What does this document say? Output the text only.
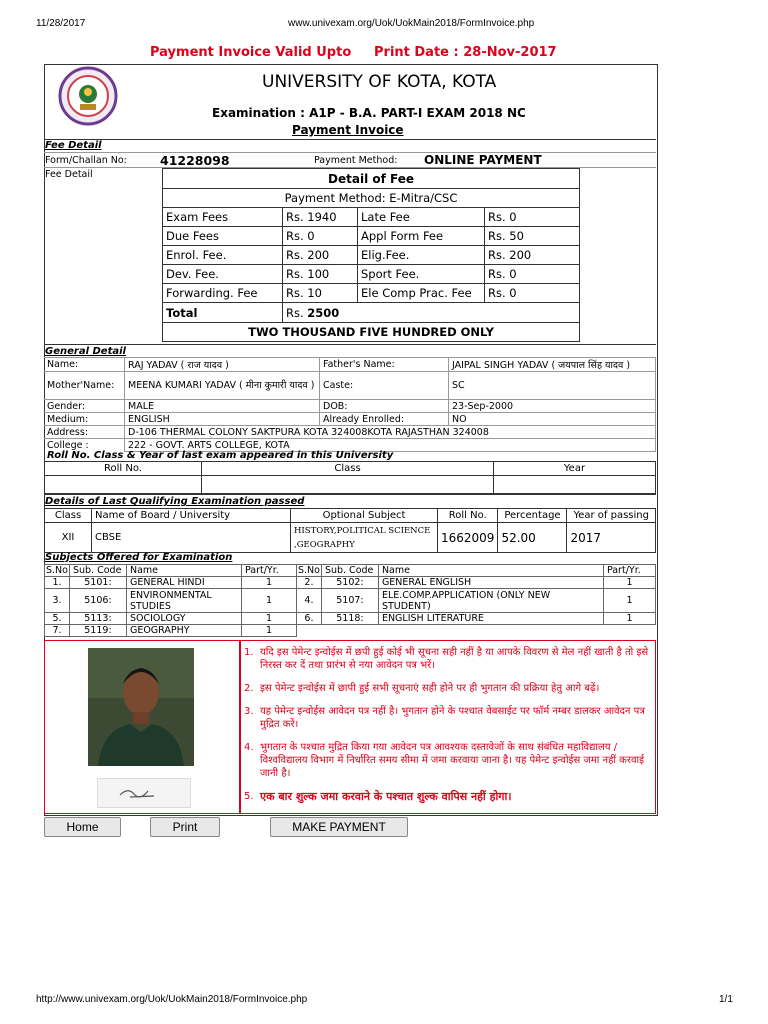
11/28/2017	www.univexam.org/Uok/UokMain2018/FormInvoice.php
Payment Invoice Valid Upto Print Date : 28-Nov-2017
UNIVERSITY OF KOTA, KOTA
Examination : A1P - B.A. PART-I EXAM 2018 NC
Payment Invoice
Fee Detail
Form/Challan No:	41228098	Payment Method: ONLINE PAYMENT
Fee Detail	Detail of Fee			
Payment Method: E-Mitra/CSC			
Exam Fees	Rs. 1940	Late Fee	Rs. 0
Due Fees	Rs. 0	Appl Form Fee	Rs. 50
Enrol. Fee.	Rs. 200	Elig.Fee.	Rs. 200
Dev. Fee.	Rs. 100	Sport Fee.	Rs. 0
Forwarding. Fee	Rs. 10	Ele Comp Prac. Fee	Rs. 0
Total	Rs. 2500		
TWO THOUSAND FIVE HUNDRED ONLY			
General Detail
Name:	RAJ YADAV ( राज यादव )	Father's Name:	JAIPAL SINGH YADAV ( जयपाल सिंह यादव )
Mother'Name:	MEENA KUMARI YADAV ( मीना कुमारी यादव )	Caste:	SC
Gender:	MALE	DOB:	23-Sep-2000
Medium:	ENGLISH	Already Enrolled:	NO
Address:	D-106 THERMAL COLONY SAKTPURA KOTA 324008KOTA RAJASTHAN 324008		
College :	222 - GOVT. ARTS COLLEGE, KOTA		
Roll No. Class & Year of last exam appeared in this University
Roll No.	Class	Year

Details of Last Qualifying Examination passed
Class	Name of Board / University	Optional Subject	Roll No.	Percentage	Year of passing
XII	CBSE	HISTORY,POLITICAL SCIENCE ,GEOGRAPHY	1662009	52.00	2017
Subjects Offered for Examination
S.No	Sub. Code	Name	Part/Yr.	S.No	Sub. Code	Name	Part/Yr.
1.	5101:	GENERAL HINDI	1	2.	5102:	GENERAL ENGLISH	1
3.	5106:	ENVIRONMENTAL STUDIES	1	4.	5107:	ELE.COMP.APPLICATION (ONLY NEW STUDENT)	1
5.	5113:	SOCIOLOGY	1	6.	5118:	ENGLISH LITERATURE	1
7.	5119:	GEOGRAPHY	1				
1. यदि इस पेमेन्ट इन्वोईस में छपी हुई कोई भी सूचना सही नहीं है या आपके विवरण से मेल नहीं खाती है तो इसे निरस्त कर दें तथा प्रारंभ से नया आवेदन पत्र भरें।
2. इस पेमेन्ट इन्वोईस में छापी हुई सभी सूचनाएं सही होने पर ही भुगतान की प्रक्रिया हेतु आगे बढ़ें।
3. यह पेमेन्ट इन्वोईस आवेदन पत्र नहीं है। भुगतान होने के पश्चात वेबसाईट पर फॉर्म नम्बर डालकर आवेदन पत्र मुद्रित करें।
4. भुगतान के पश्चात मुद्रित किया गया आवेदन पत्र आवश्यक दस्तावेजों के साथ संबंधित महाविद्यालय / विश्वविद्यालय विभाग में निर्धारित समय सीमा में जमा करवाया जाना है। यह पेमेन्ट इन्वोईस जमा नहीं करवाई जानी है।
5. एक बार शुल्क जमा करवाने के पश्चात शुल्क वापिस नहीं होगा।
Home	Print	MAKE PAYMENT
http://www.univexam.org/Uok/UokMain2018/FormInvoice.php	1/1
